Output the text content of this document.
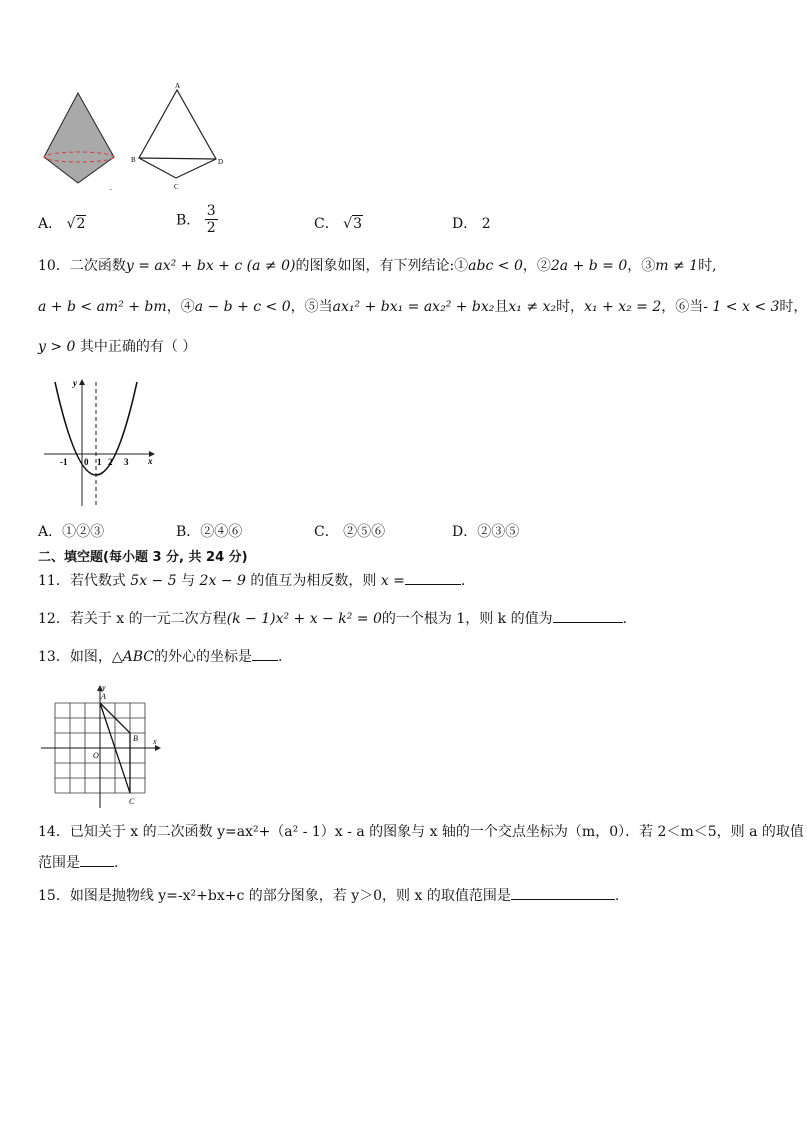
..
A
B
C
D
A． √2	B． $\frac{3}{2}$	C． √3	D． 2
10．二次函数y = ax² + bx + c (a ≠ 0)的图象如图，有下列结论:①abc < 0，②2a + b = 0，③m ≠ 1时,
a + b < am² + bm，④a − b + c < 0，⑤当ax₁² + bx₁ = ax₂² + bx₂且x₁ ≠ x₂时，x₁ + x₂ = 2，⑥当- 1 < x < 3时，
y > 0 其中正确的有（ ）
y
x
-1 0 1 2 3
A．①②③	B．②④⑥	C． ②⑤⑥	D．②③⑤
二、填空题(每小题 3 分, 共 24 分)
11．若代数式 5x − 5 与 2x − 9 的值互为相反数，则 x =	.
12．若关于 x 的一元二次方程(k − 1)x² + x − k² = 0的一个根为 1，则 k 的值为	.
13．如图，△ABC的外心的坐标是 .
y
x
O
A
B
C
14．已知关于 x 的二次函数 y=ax²+（a² - 1）x - a 的图象与 x 轴的一个交点坐标为（m，0）．若 2＜m＜5，则 a 的取值
范围是 .
15．如图是抛物线 y=-x²+bx+c 的部分图象，若 y＞0，则 x 的取值范围是	.
